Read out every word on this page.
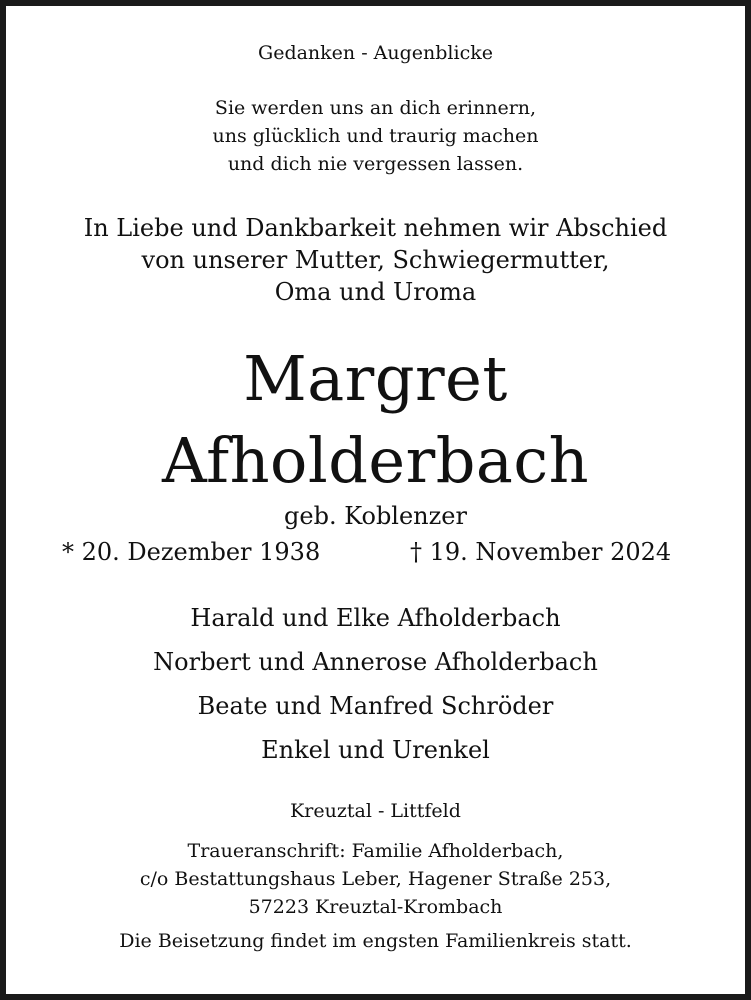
Gedanken - Augenblicke

Sie werden uns an dich erinnern,

uns glücklich und traurig machen

und dich nie vergessen lassen.

In Liebe und Dankbarkeit nehmen wir Abschied

von unserer Mutter, Schwiegermutter,

Oma und Uroma

Margret

Afholderbach

geb. Koblenzer

* 20. Dezember 1938	† 19. November 2024

Harald und Elke Afholderbach

Norbert und Annerose Afholderbach

Beate und Manfred Schröder

Enkel und Urenkel

Kreuztal - Littfeld

Traueranschrift: Familie Afholderbach,

c/o Bestattungshaus Leber, Hagener Straße 253,

57223 Kreuztal-Krombach

Die Beisetzung findet im engsten Familienkreis statt.
